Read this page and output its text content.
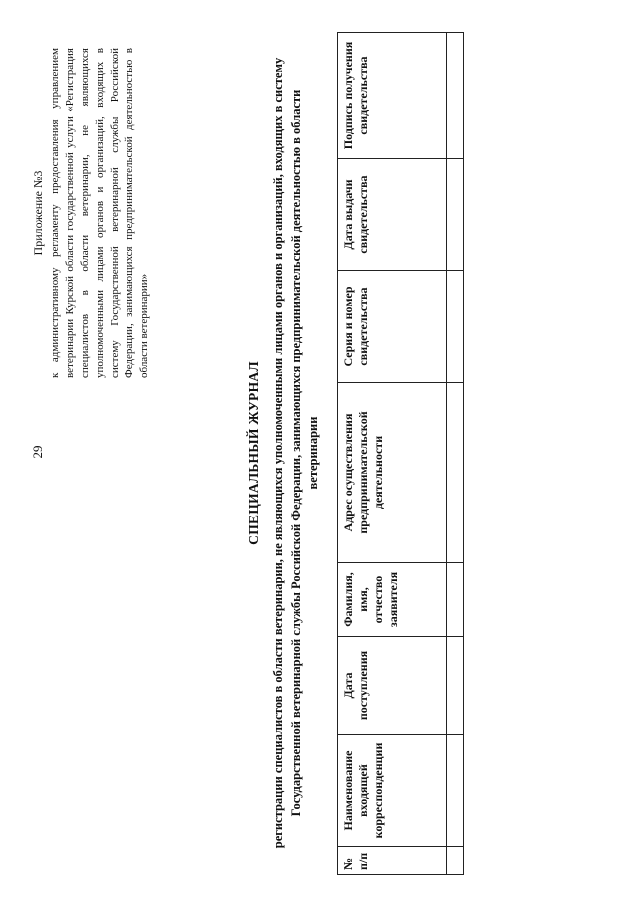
29
Приложение №3 к административному регламенту предоставления управлением ветеринарии Курской области государственной услуги «Регистрация специалистов в области ветеринарии, не являющихся уполномоченными лицами органов и организаций, входящих в систему Государственной ветеринарной службы Российской Федерации, занимающихся предпринимательской деятельностью в области ветеринарии»
СПЕЦИАЛЬНЫЙ ЖУРНАЛ регистрации специалистов в области ветеринарии, не являющихся уполномоченными лицами органов и организаций, входящих в систему Государственной ветеринарной службы Российской Федерации, занимающихся предпринимательской деятельностью в области ветеринарии
№ п/п	Наименование входящей корреспонденции	Дата поступления	Фамилия, имя, отчество заявителя	Адрес осуществления предпринимательской деятельности	Серия и номер свидетельства	Дата выдачи свидетельства	Подпись получения свидетельства
